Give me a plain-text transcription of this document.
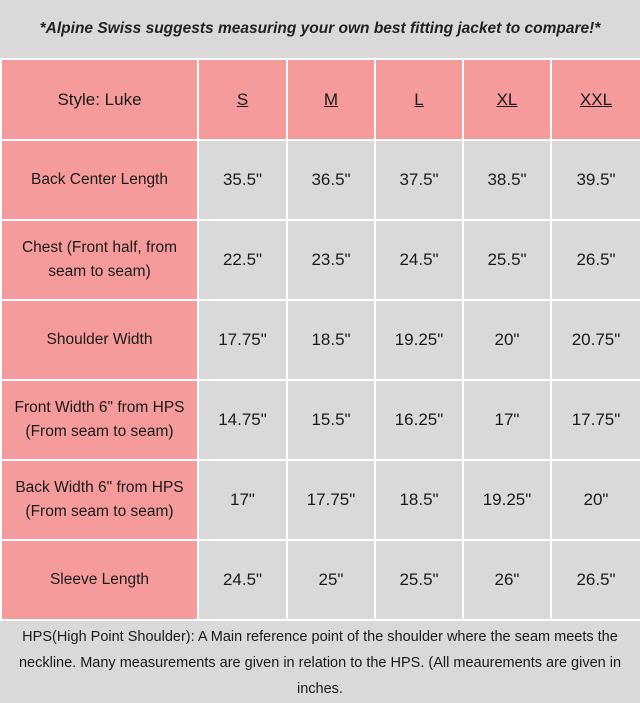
*Alpine Swiss suggests measuring your own best fitting jacket to compare!*
Style: Luke	S	M	L	XL	XXL
Back Center Length	35.5"	36.5"	37.5"	38.5"	39.5"
Chest (Front half, from seam to seam)	22.5"	23.5"	24.5"	25.5"	26.5"
Shoulder Width	17.75"	18.5"	19.25"	20"	20.75"
Front Width 6" from HPS (From seam to seam)	14.75"	15.5"	16.25"	17"	17.75"
Back Width 6" from HPS (From seam to seam)	17"	17.75"	18.5"	19.25"	20"
Sleeve Length	24.5"	25"	25.5"	26"	26.5"
HPS(High Point Shoulder): A Main reference point of the shoulder where the seam meets the neckline. Many measurements are given in relation to the HPS. (All meaurements are given in inches.
